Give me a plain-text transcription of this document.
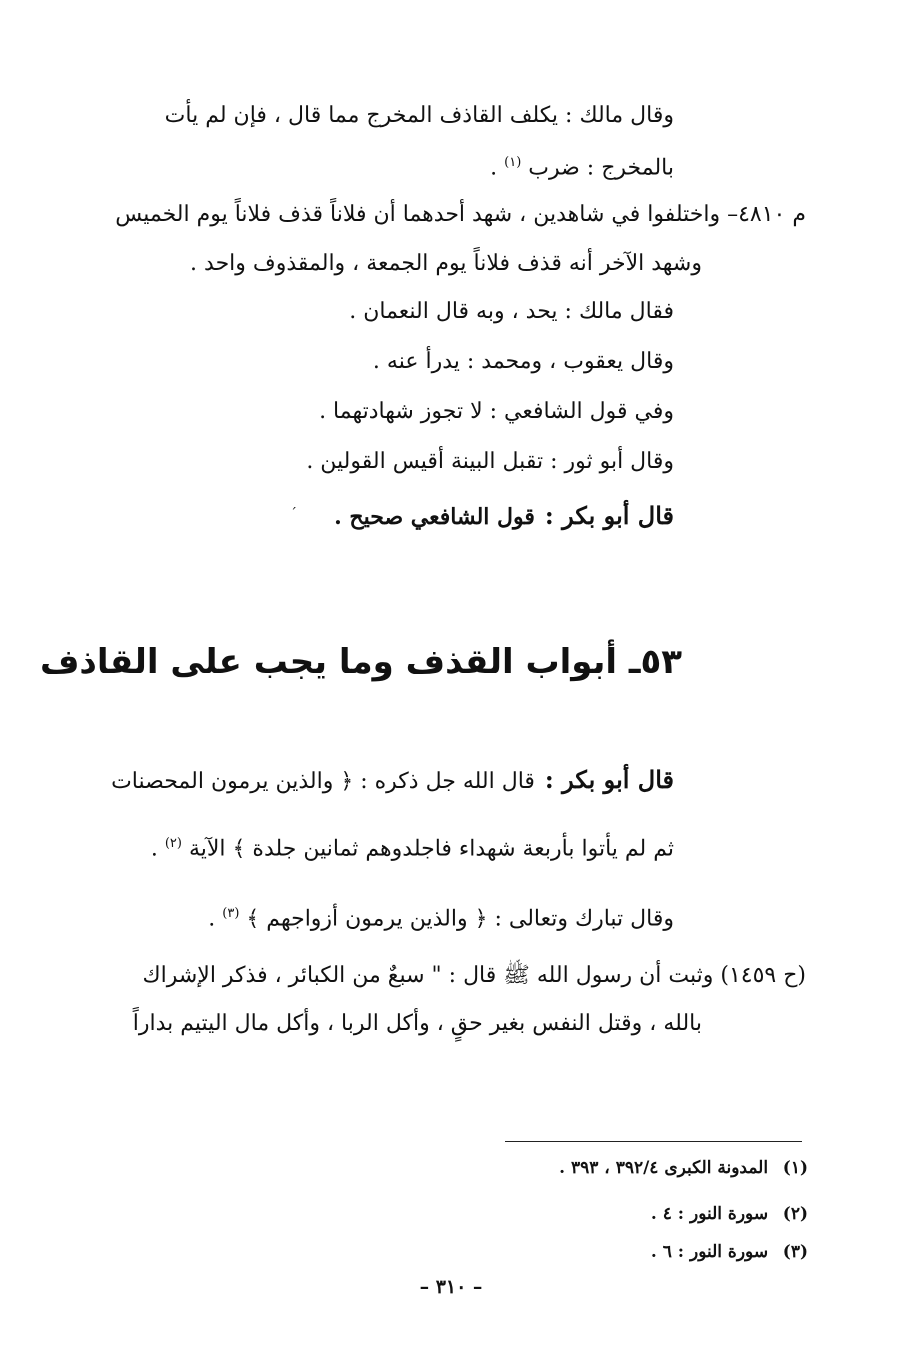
وقال مالك : يكلف القاذف المخرج مما قال ، فإن لم يأت
بالمخرج : ضرب $^{(١)}$ .
م ٤٨١٠– واختلفوا في شاهدين ، شهد أحدهما أن فلاناً قذف فلاناً يوم الخميس
وشهد الآخر أنه قذف فلاناً يوم الجمعة ، والمقذوف واحد .
فقال مالك : يحد ، وبه قال النعمان .
وقال يعقوب ، ومحمد : يدرأ عنه .
وفي قول الشافعي : لا تجوز شهادتهما .
وقال أبو ثور : تقبل البينة أقيس القولين .
قال أبو بكر :قول الشافعي صحيح .
ˊ
٥٣ـ أبواب القذف وما يجب على القاذف
قال أبو بكر :قال الله جل ذكره : ﴿ والذين يرمون المحصنات
ثم لم يأتوا بأربعة شهداء فاجلدوهم ثمانين جلدة ﴾ الآية $^{(٢)}$ .
وقال تبارك وتعالى : ﴿ والذين يرمون أزواجهم ﴾ $^{(٣)}$ .
(ح ١٤٥٩) وثبت أن رسول الله ﷺ قال : " سبعٌ من الكبائر ، فذكر الإشراك
بالله ، وقتل النفس بغير حقٍ ، وأكل الربا ، وأكل مال اليتيم بداراً
(١) المدونة الكبرى ٣٩٢/٤ ، ٣٩٣ .
(٢) سورة النور : ٤ .
(٣) سورة النور : ٦ .
– ٣١٠ –
